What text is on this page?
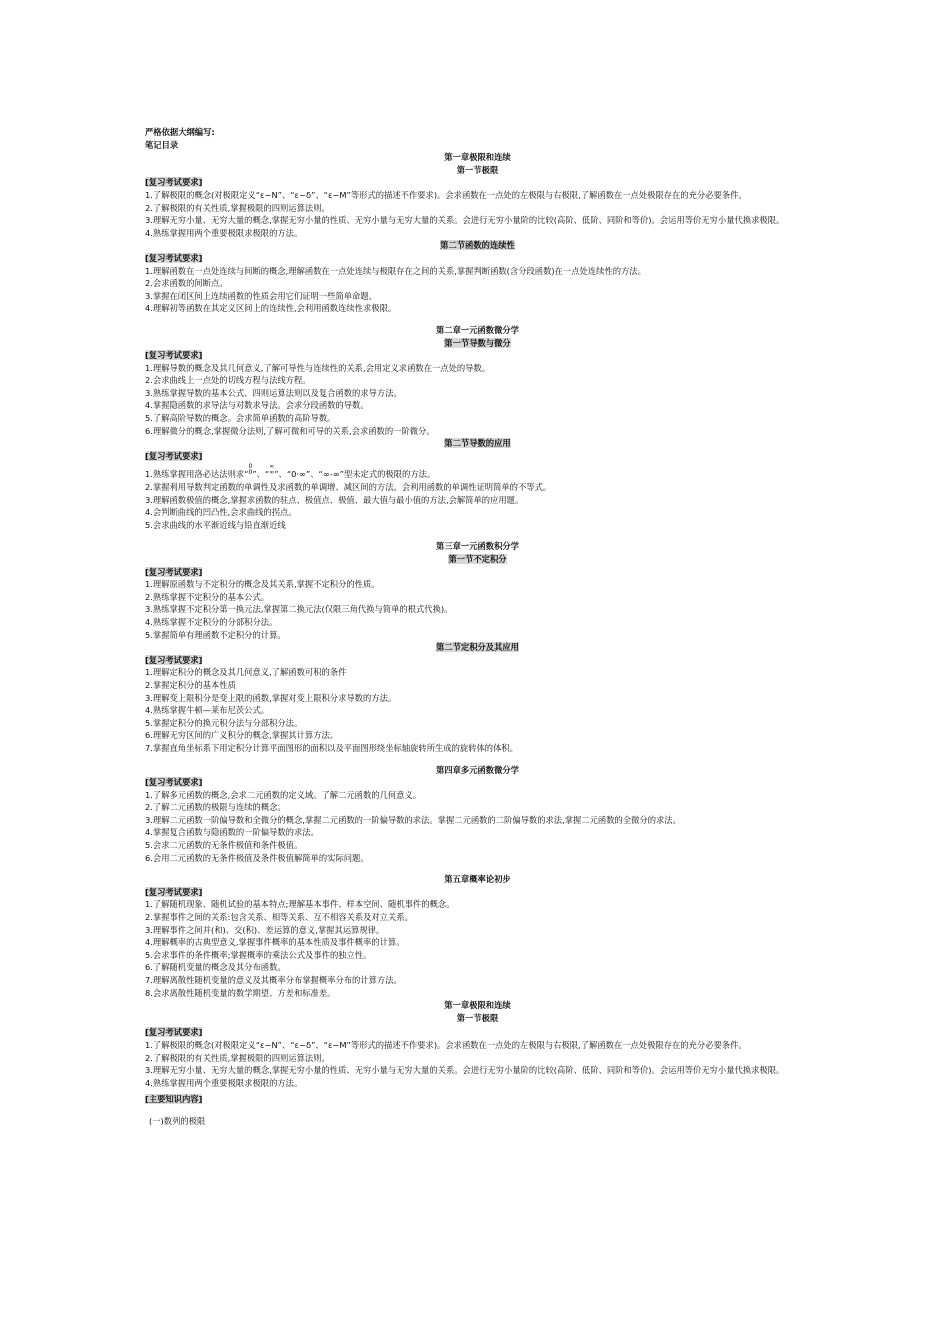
严格依据大纲编写:
笔记目录
第一章极限和连续
第一节极限
[复习考试要求]
1.了解极限的概念(对极限定义“ε−N”、“ε−δ”、“ε−M”等形式的描述不作要求)。会求函数在一点处的左极限与右极限,了解函数在一点处极限存在的充分必要条件。
2.了解极限的有关性质,掌握极限的四则运算法则。
3.理解无穷小量、无穷大量的概念,掌握无穷小量的性质、无穷小量与无穷大量的关系。会进行无穷小量阶的比较(高阶、低阶、同阶和等价)。会运用等价无穷小量代换求极限。
4.熟练掌握用两个重要极限求极限的方法。
第二节函数的连续性
[复习考试要求]
1.理解函数在一点处连续与间断的概念,理解函数在一点处连续与极限存在之间的关系,掌握判断函数(含分段函数)在一点处连续性的方法。
2.会求函数的间断点。
3.掌握在闭区间上连续函数的性质会用它们证明一些简单命题。
4.理解初等函数在其定义区间上的连续性,会利用函数连续性求极限。
第二章一元函数微分学
第一节导数与微分
[复习考试要求]
1.理解导数的概念及其几何意义,了解可导性与连续性的关系,会用定义求函数在一点处的导数。
2.会求曲线上一点处的切线方程与法线方程。
3.熟练掌握导数的基本公式、四则运算法则以及复合函数的求导方法。
4.掌握隐函数的求导法与对数求导法。会求分段函数的导数。
5.了解高阶导数的概念。会求简单函数的高阶导数。
6.理解微分的概念,掌握微分法则,了解可微和可导的关系,会求函数的一阶微分。
第二节导数的应用
[复习考试要求]
1.熟练掌握用洛必达法则求“0
0”、“∞
∞”、“0·∞”、“∞-∞”型未定式的极限的方法。
2.掌握利用导数判定函数的单调性及求函数的单调增、减区间的方法。会利用函数的单调性证明简单的不等式。
3.理解函数极值的概念,掌握求函数的驻点、极值点、极值、最大值与最小值的方法,会解简单的应用题。
4.会判断曲线的凹凸性,会求曲线的拐点。
5.会求曲线的水平渐近线与铅直渐近线
第三章一元函数积分学
第一节不定积分
[复习考试要求]
1.理解原函数与不定积分的概念及其关系,掌握不定积分的性质。
2.熟练掌握不定积分的基本公式。
3.熟练掌握不定积分第一换元法,掌握第二换元法(仅限三角代换与简单的根式代换)。
4.熟练掌握不定积分的分部积分法。
5.掌握简单有理函数不定积分的计算。
第二节定积分及其应用
[复习考试要求]
1.理解定积分的概念及其几何意义,了解函数可积的条件
2.掌握定积分的基本性质
3.理解变上限积分是变上限的函数,掌握对变上限积分求导数的方法。
4.熟练掌握牛顿—莱布尼茨公式。
5.掌握定积分的换元积分法与分部积分法。
6.理解无穷区间的广义积分的概念,掌握其计算方法。
7.掌握直角坐标系下用定积分计算平面图形的面积以及平面图形绕坐标轴旋转所生成的旋转体的体积。
第四章多元函数微分学
[复习考试要求]
1.了解多元函数的概念,会求二元函数的定义域。了解二元函数的几何意义。
2.了解二元函数的极限与连续的概念。
3.理解二元函数一阶偏导数和全微分的概念,掌握二元函数的一阶偏导数的求法。掌握二元函数的二阶偏导数的求法,掌握二元函数的全微分的求法。
4.掌握复合函数与隐函数的一阶偏导数的求法。
5.会求二元函数的无条件极值和条件极值。
6.会用二元函数的无条件极值及条件极值解简单的实际问题。
第五章概率论初步
[复习考试要求]
1.了解随机现象、随机试验的基本特点;理解基本事件、样本空间、随机事件的概念。
2.掌握事件之间的关系:包含关系、相等关系、互不相容关系及对立关系。
3.理解事件之间并(和)、交(积)、差运算的意义,掌握其运算规律。
4.理解概率的古典型意义,掌握事件概率的基本性质及事件概率的计算。
5.会求事件的条件概率;掌握概率的乘法公式及事件的独立性。
6.了解随机变量的概念及其分布函数。
7.理解离散性随机变量的意义及其概率分布掌握概率分布的计算方法。
8.会求离散性随机变量的数学期望、方差和标准差。
第一章极限和连续
第一节极限
[复习考试要求]
1.了解极限的概念(对极限定义“ε−N”、“ε−δ”、“ε−M”等形式的描述不作要求)。会求函数在一点处的左极限与右极限,了解函数在一点处极限存在的充分必要条件。
2.了解极限的有关性质,掌握极限的四则运算法则。
3.理解无穷小量、无穷大量的概念,掌握无穷小量的性质、无穷小量与无穷大量的关系。会进行无穷小量阶的比较(高阶、低阶、同阶和等价)。会运用等价无穷小量代换求极限。
4.熟练掌握用两个重要极限求极限的方法。
[主要知识内容]
(一)数列的极限
